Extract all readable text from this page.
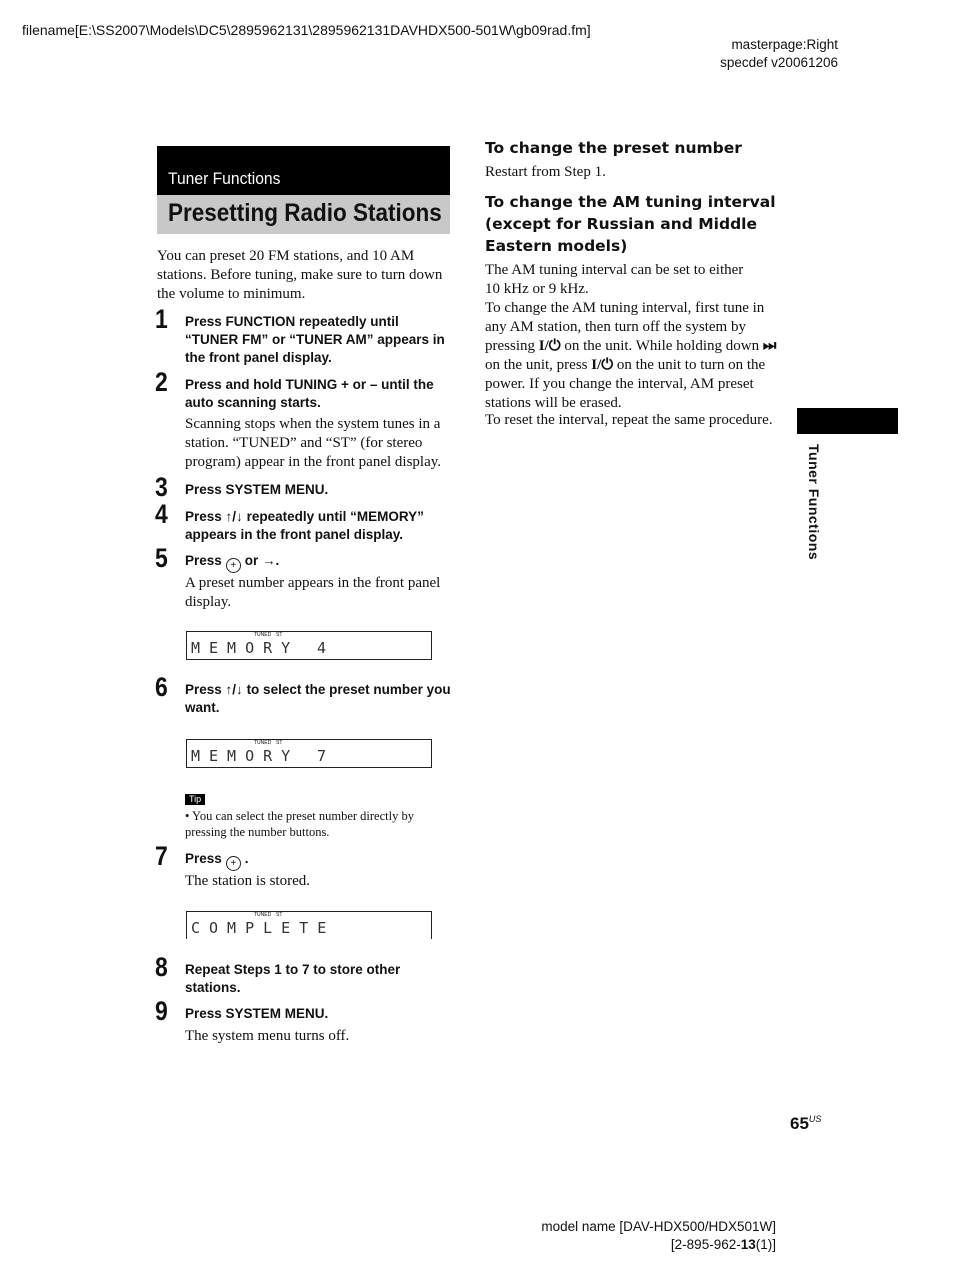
filename[E:\SS2007\Models\DC5\2895962131\2895962131DAVHDX500-501W\gb09rad.fm]
masterpage:Right
specdef v20061206
Tuner Functions
Presetting Radio Stations
You can preset 20 FM stations, and 10 AM stations. Before tuning, make sure to turn down the volume to minimum.
1 Press FUNCTION repeatedly until “TUNER FM” or “TUNER AM” appears in the front panel display.
2 Press and hold TUNING + or – until the auto scanning starts.
Scanning stops when the system tunes in a station. “TUNED” and “ST” (for stereo program) appear in the front panel display.
3 Press SYSTEM MENU.
4 Press ↑/↓ repeatedly until “MEMORY” appears in the front panel display.
5 Press + or →.
A preset number appears in the front panel display.
TUNED ST
MEMORY 4
6 Press ↑/↓ to select the preset number you want.
TUNED ST
MEMORY 7
Tip
• You can select the preset number directly by pressing the number buttons.
7 Press + .
The station is stored.
TUNED ST
COMPLETE
8 Repeat Steps 1 to 7 to store other stations.
9 Press SYSTEM MENU.
The system menu turns off.
To change the preset number
Restart from Step 1.
To change the AM tuning interval (except for Russian and Middle Eastern models)
The AM tuning interval can be set to either 10 kHz or 9 kHz.
To change the AM tuning interval, first tune in any AM station, then turn off the system by pressing I/⏻ on the unit. While holding down ⏭ on the unit, press I/⏻ on the unit to turn on the power. If you change the interval, AM preset stations will be erased.
To reset the interval, repeat the same procedure.
Tuner Functions
$65^{US}$
model name [DAV-HDX500/HDX501W]
[2-895-962-13(1)]
